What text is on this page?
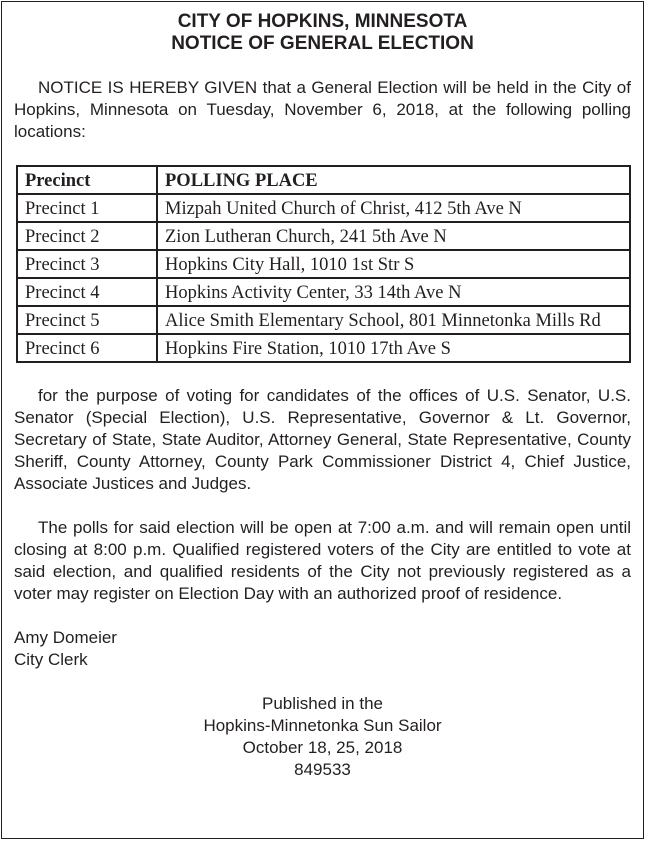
CITY OF HOPKINS, MINNESOTA
NOTICE OF GENERAL ELECTION

NOTICE IS HEREBY GIVEN that a General Election will be held in the City of Hopkins, Minnesota on Tuesday, November 6, 2018, at the following polling locations:

Precinct	POLLING PLACE
Precinct 1	Mizpah United Church of Christ, 412 5th Ave N
Precinct 2	Zion Lutheran Church, 241 5th Ave N
Precinct 3	Hopkins City Hall, 1010 1st Str S
Precinct 4	Hopkins Activity Center, 33 14th Ave N
Precinct 5	Alice Smith Elementary School, 801 Minnetonka Mills Rd
Precinct 6	Hopkins Fire Station, 1010 17th Ave S

for the purpose of voting for candidates of the offices of U.S. Senator, U.S. Senator (Special Election), U.S. Representative, Governor & Lt. Governor, Secretary of State, State Auditor, Attorney General, State Representative, County Sheriff, County Attorney, County Park Commissioner District 4, Chief Justice, Associate Justices and Judges.

The polls for said election will be open at 7:00 a.m. and will remain open until closing at 8:00 p.m. Qualified registered voters of the City are entitled to vote at said election, and qualified residents of the City not previously registered as a voter may register on Election Day with an authorized proof of residence.

Amy Domeier
City Clerk
Published in the
Hopkins-Minnetonka Sun Sailor
October 18, 25, 2018
849533
